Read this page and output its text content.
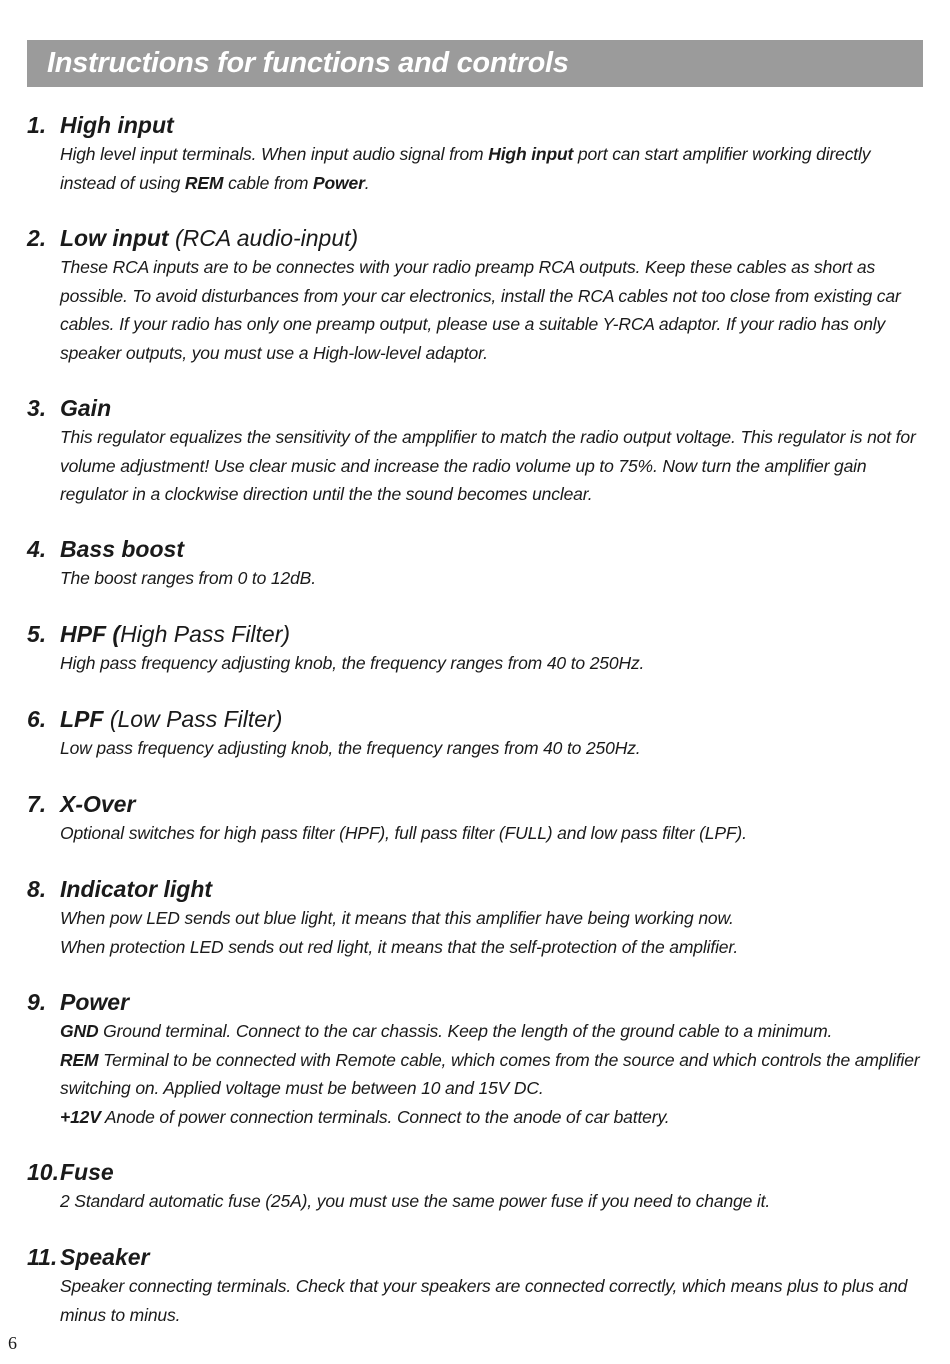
Instructions for functions and controls
1. High input
High level input terminals. When input audio signal from High input port can start amplifier working directly instead of using REM cable from Power.
2. Low input (RCA audio-input)
These RCA inputs are to be connectes with your radio preamp RCA outputs. Keep these cables as short as possible. To avoid disturbances from your car electronics, install the RCA cables not too close from existing car cables. If your radio has only one preamp output, please use a suitable Y-RCA adaptor. If your radio has only speaker outputs, you must use a High-low-level adaptor.
3. Gain
This regulator equalizes the sensitivity of the ampplifier to match the radio output voltage. This regulator is not for volume adjustment! Use clear music and increase the radio volume up to 75%. Now turn the amplifier gain regulator in a clockwise direction until the the sound becomes unclear.
4. Bass boost
The boost ranges from 0 to 12dB.
5. HPF (High Pass Filter)
High pass frequency adjusting knob, the frequency ranges from 40 to 250Hz.
6. LPF (Low Pass Filter)
Low pass frequency adjusting knob, the frequency ranges from 40 to 250Hz.
7. X-Over
Optional switches for high pass filter (HPF), full pass filter (FULL) and low pass filter (LPF).
8. Indicator light
When pow LED sends out blue light, it means that this amplifier have being working now.
When protection LED sends out red light, it means that the self-protection of the amplifier.
9. Power
GND Ground terminal. Connect to the car chassis. Keep the length of the ground cable to a minimum.
REM Terminal to be connected with Remote cable, which comes from the source and which controls the amplifier switching on. Applied voltage must be between 10 and 15V DC.
+12V Anode of power connection terminals. Connect to the anode of car battery.
10. Fuse
2 Standard automatic fuse (25A), you must use the same power fuse if you need to change it.
11. Speaker
Speaker connecting terminals. Check that your speakers are connected correctly, which means plus to plus and minus to minus.
6
